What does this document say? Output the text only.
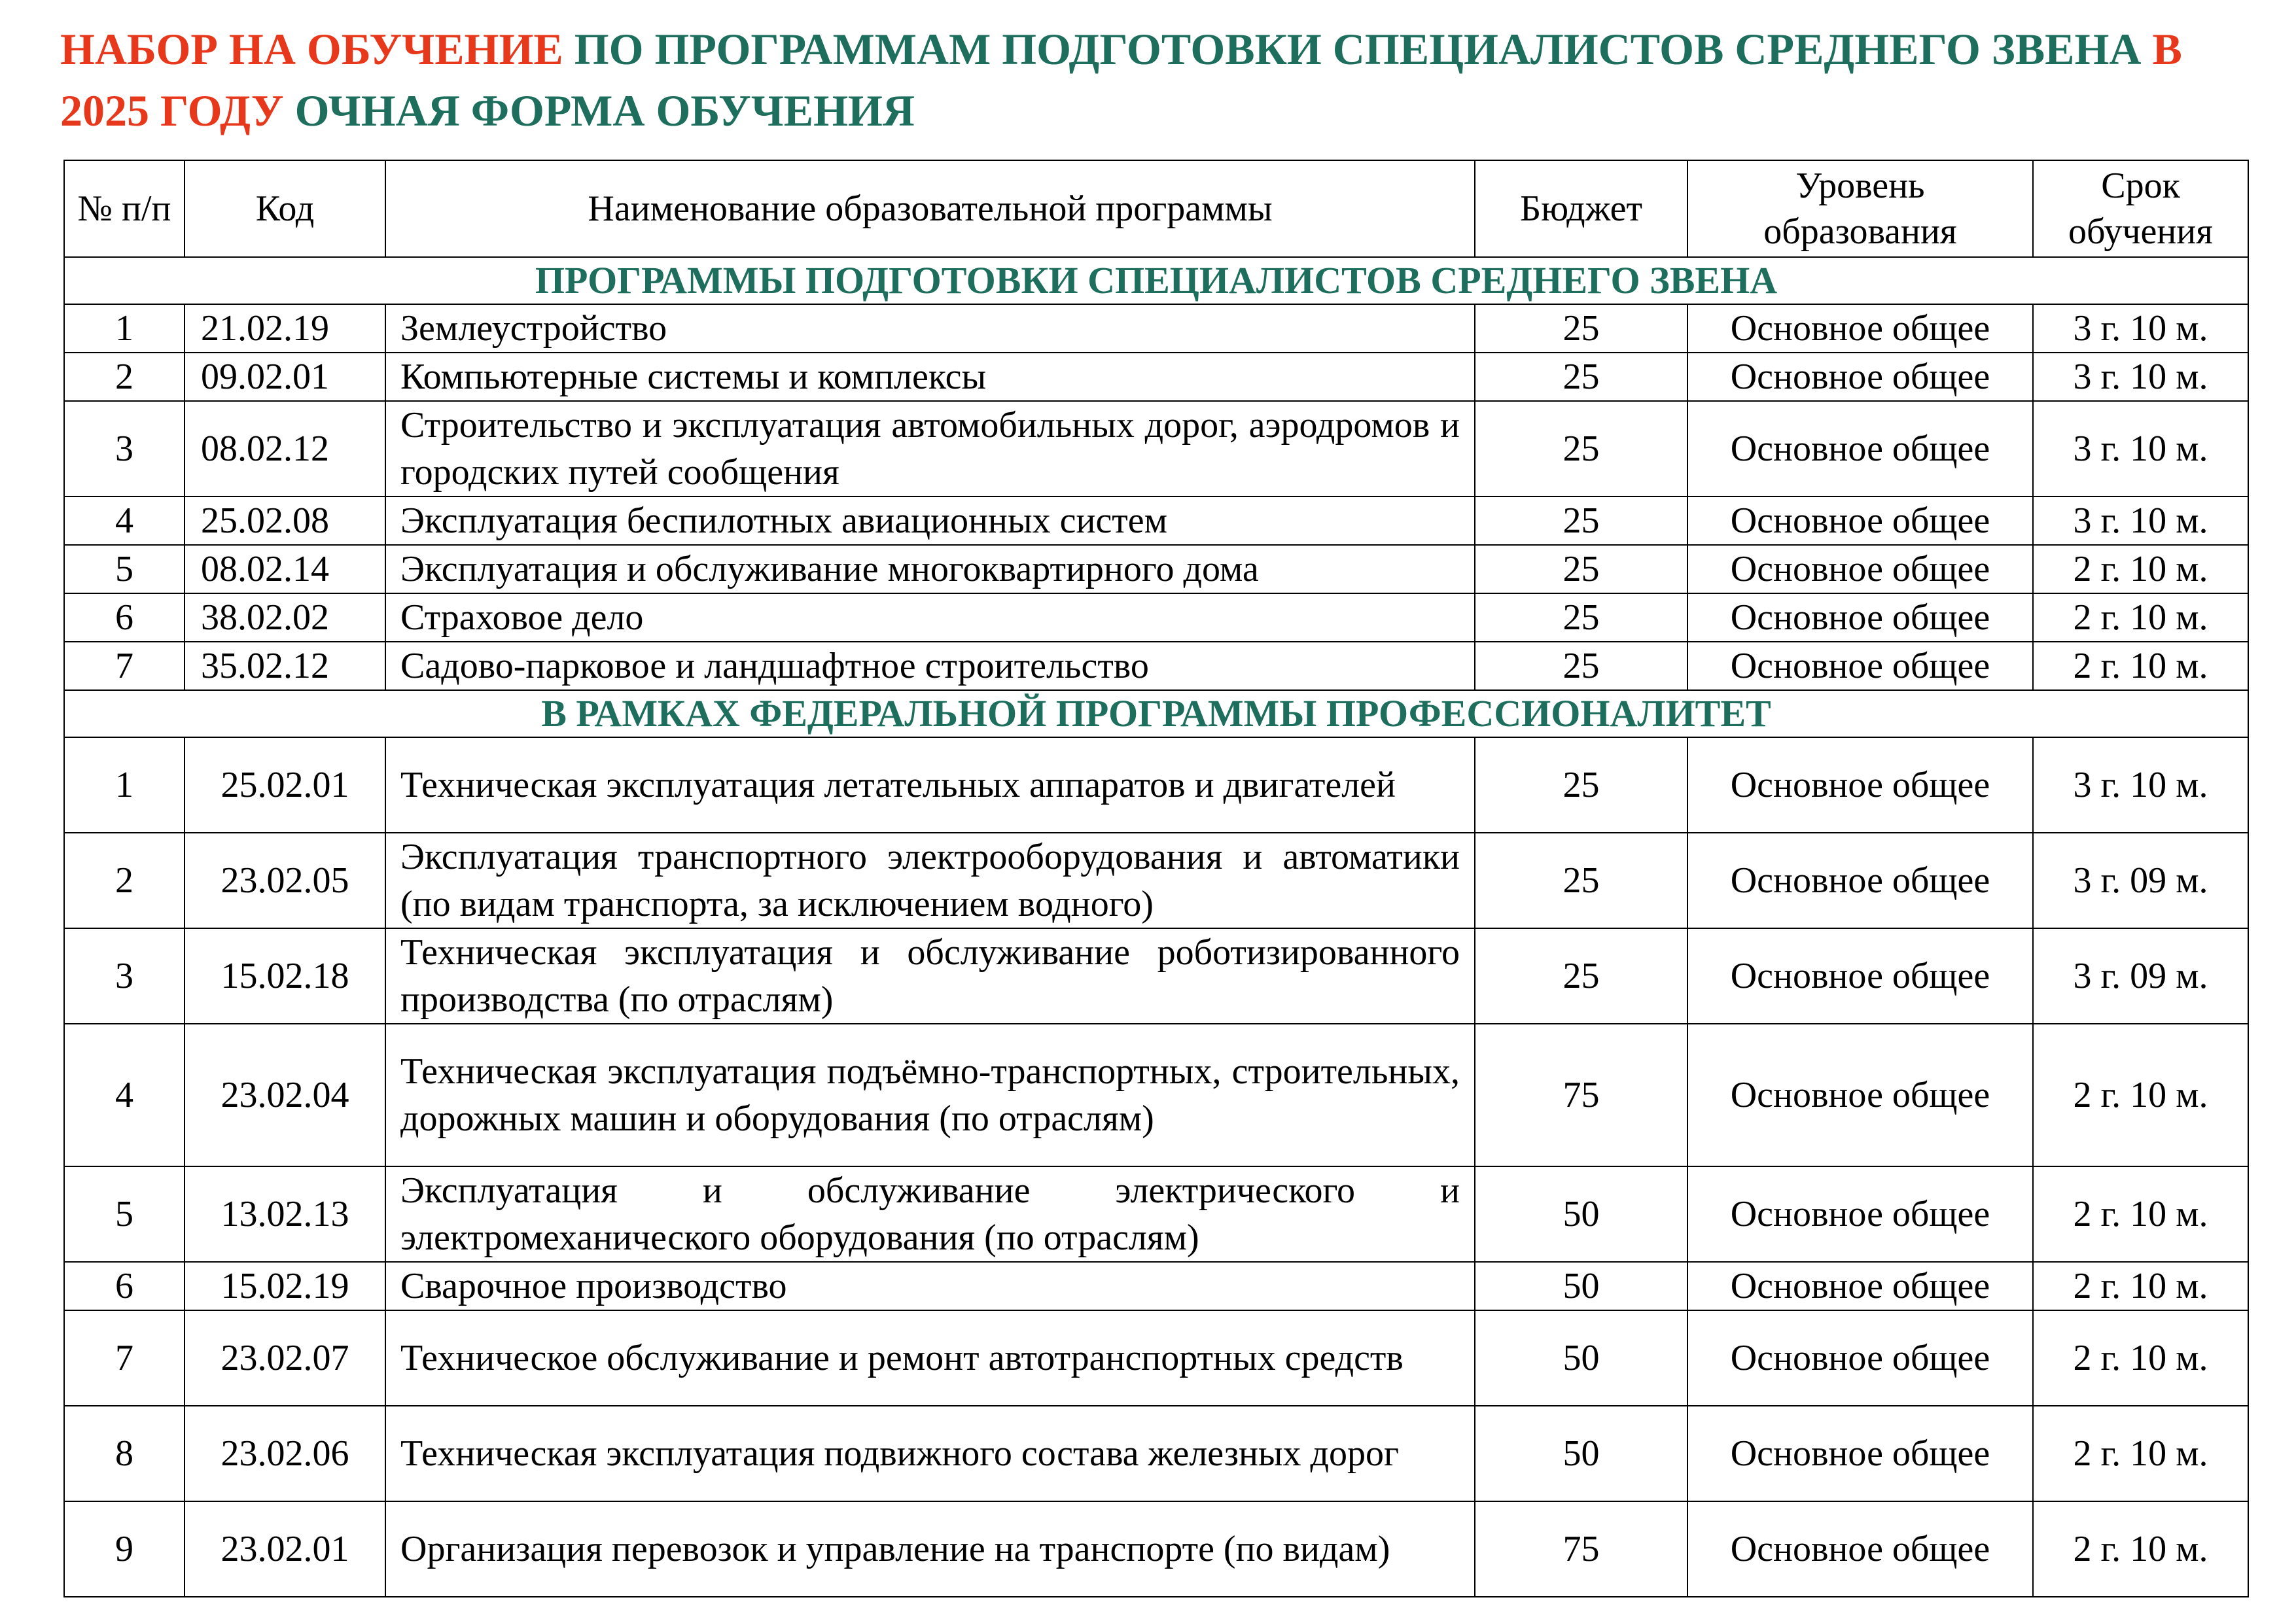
НАБОР НА ОБУЧЕНИЕ ПО ПРОГРАММАМ ПОДГОТОВКИ СПЕЦИАЛИСТОВ СРЕДНЕГО ЗВЕНА В 2025 ГОДУ ОЧНАЯ ФОРМА ОБУЧЕНИЯ
№ п/п	Код	Наименование образовательной программы	Бюджет	Уровень образования	Срок обучения
ПРОГРАММЫ ПОДГОТОВКИ СПЕЦИАЛИСТОВ СРЕДНЕГО ЗВЕНА					
1	21.02.19	Землеустройство	25	Основное общее	3 г. 10 м.
2	09.02.01	Компьютерные системы и комплексы	25	Основное общее	3 г. 10 м.
3	08.02.12	Строительство и эксплуатация автомобильных дорог, аэродромов и городских путей сообщения	25	Основное общее	3 г. 10 м.
4	25.02.08	Эксплуатация беспилотных авиационных систем	25	Основное общее	3 г. 10 м.
5	08.02.14	Эксплуатация и обслуживание многоквартирного дома	25	Основное общее	2 г. 10 м.
6	38.02.02	Страховое дело	25	Основное общее	2 г. 10 м.
7	35.02.12	Садово-парковое и ландшафтное строительство	25	Основное общее	2 г. 10 м.
В РАМКАХ ФЕДЕРАЛЬНОЙ ПРОГРАММЫ ПРОФЕССИОНАЛИТЕТ					
1	25.02.01	Техническая эксплуатация летательных аппаратов и двигателей	25	Основное общее	3 г. 10 м.
2	23.02.05	Эксплуатация транспортного электрооборудования и автоматики (по видам транспорта, за исключением водного)	25	Основное общее	3 г. 09 м.
3	15.02.18	Техническая эксплуатация и обслуживание роботизированного производства (по отраслям)	25	Основное общее	3 г. 09 м.
4	23.02.04	Техническая эксплуатация подъёмно-транспортных, строительных, дорожных машин и оборудования (по отраслям)	75	Основное общее	2 г. 10 м.
5	13.02.13	Эксплуатация и обслуживание электрического и электромеханического оборудования (по отраслям)	50	Основное общее	2 г. 10 м.
6	15.02.19	Сварочное производство	50	Основное общее	2 г. 10 м.
7	23.02.07	Техническое обслуживание и ремонт автотранспортных средств	50	Основное общее	2 г. 10 м.
8	23.02.06	Техническая эксплуатация подвижного состава железных дорог	50	Основное общее	2 г. 10 м.
9	23.02.01	Организация перевозок и управление на транспорте (по видам)	75	Основное общее	2 г. 10 м.
